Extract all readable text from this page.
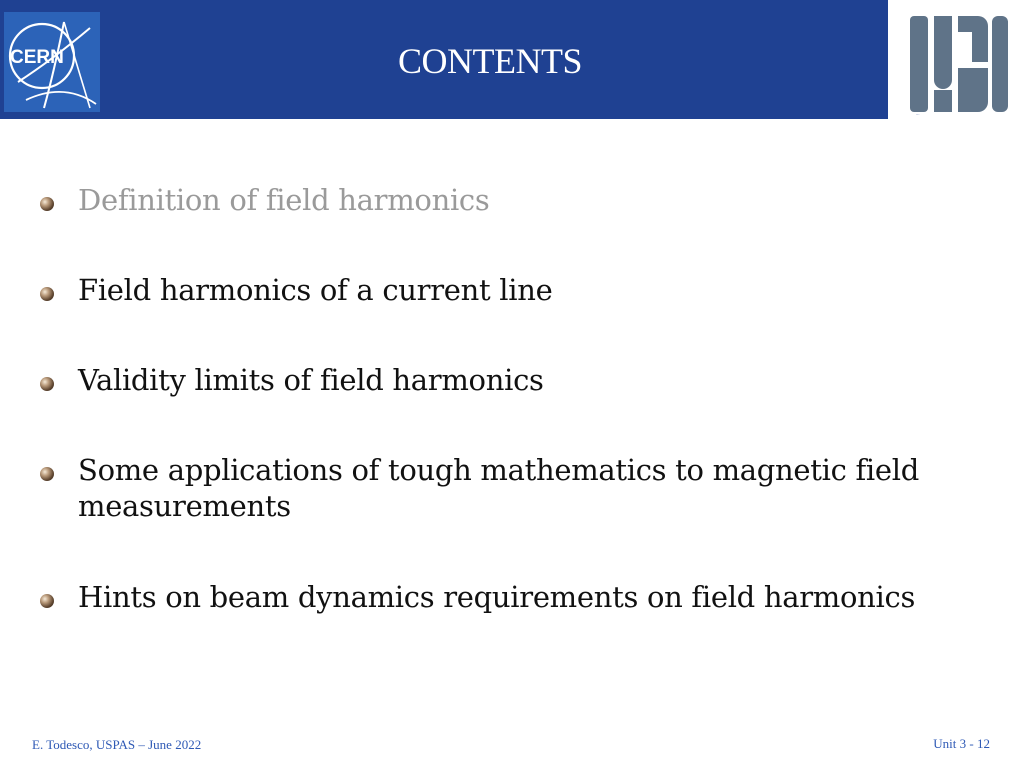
CERN	CONTENTS
USPAS
Definition of field harmonics
Field harmonics of a current line
Validity limits of field harmonics
Some applications of tough mathematics to magnetic field measurements
Hints on beam dynamics requirements on field harmonics
E. Todesco, USPAS – June 2022	Unit 3 - 12
